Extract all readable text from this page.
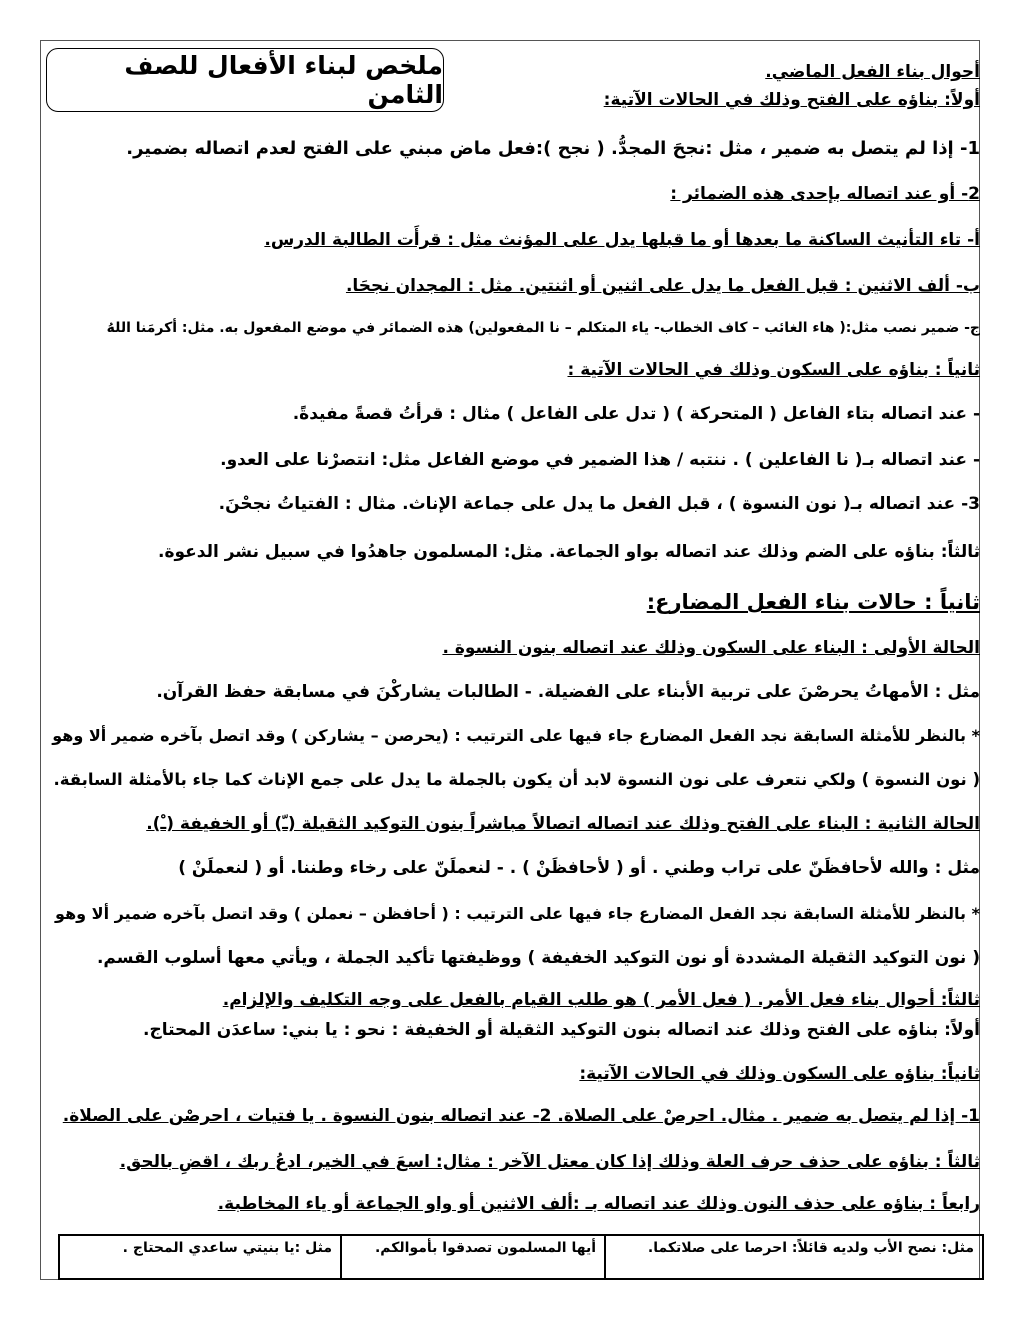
ملخص لبناء الأفعال للصف الثامن
أحوال بناء الفعل الماضي.
أولاً: بناؤه على الفتح وذلك في الحالات الآتية:
1- إذا لم يتصل به ضمير ، مثل :نجحَ المجدُّ. ( نجح ):فعل ماض مبني على الفتح لعدم اتصاله بضمير.
2- أو عند اتصاله بإحدى هذه الضمائر :
أ- تاء التأنيث الساكنة ما بعدها أو ما قبلها يدل على المؤنث مثل : قرأَت الطالبة الدرس.
ب- ألف الاثنين : قبل الفعل ما يدل على اثنين أو اثنتين. مثل : المجدان نجحَا.
ج- ضمير نصب مثل:( هاء الغائب – كاف الخطاب- ياء المتكلم – نا المفعولين) هذه الضمائر في موضع المفعول به. مثل: أكرمَنا اللهُ
ثانياً : بناؤه على السكون وذلك في الحالات الآتية :
- عند اتصاله بتاء الفاعل ( المتحركة ) ( تدل على الفاعل ) مثال : قرأتُ قصةً مفيدةً.
- عند اتصاله بـ( نا الفاعلين ) . ننتبه / هذا الضمير في موضع الفاعل مثل: انتصرْنا على العدو.
3- عند اتصاله بـ( نون النسوة ) ، قبل الفعل ما يدل على جماعة الإناث. مثال : الفتياتُ نجحْنَ.
ثالثاً: بناؤه على الضم وذلك عند اتصاله بواو الجماعة. مثل: المسلمون جاهدُوا في سبيل نشر الدعوة.
ثانياً : حالات بناء الفعل المضارع:
الحالة الأولى : البناء على السكون وذلك عند اتصاله بنون النسوة .
مثل : الأمهاتُ يحرصْنَ على تربية الأبناء على الفضيلة. - الطالبات يشاركْنَ في مسابقة حفظ القرآن.
* بالنظر للأمثلة السابقة نجد الفعل المضارع جاء فيها على الترتيب : (يحرصن – يشاركن ) وقد اتصل بآخره ضمير ألا وهو
( نون النسوة ) ولكي نتعرف على نون النسوة لابد أن يكون بالجملة ما يدل على جمع الإناث كما جاء بالأمثلة السابقة.
الحالة الثانية : البناء على الفتح وذلك عند اتصاله اتصالاً مباشراً بنون التوكيد الثقيلة (ـّ) أو الخفيفة (ـْ).
مثل : والله لأحافظَنّ على تراب وطني . أو ( لأحافظَنْ ) . - لنعملَنّ على رخاء وطننا. أو ( لنعملَنْ )
* بالنظر للأمثلة السابقة نجد الفعل المضارع جاء فيها على الترتيب : ( أحافظن – نعملن ) وقد اتصل بآخره ضمير ألا وهو
( نون التوكيد الثقيلة المشددة أو نون التوكيد الخفيفة ) ووظيفتها تأكيد الجملة ، ويأتي معها أسلوب القسم.
ثالثاً: أحوال بناء فعل الأمر. ( فعل الأمر ) هو طلب القيام بالفعل على وجه التكليف والإلزام.
أولاً: بناؤه على الفتح وذلك عند اتصاله بنون التوكيد الثقيلة أو الخفيفة : نحو : يا بني: ساعدَن المحتاج.
ثانياً: بناؤه على السكون وذلك في الحالات الآتية:
1- إذا لم يتصل به ضمير . مثال. احرصْ على الصلاة. 2- عند اتصاله بنون النسوة . يا فتيات ، احرصْن على الصلاة.
ثالثاً : بناؤه على حذف حرف العلة وذلك إذا كان معتل الآخر : مثال: اسعَ في الخير، ادعُ ربك ، اقضِ بالحق.
رابعاً : بناؤه على حذف النون وذلك عند اتصاله بـ :ألف الاثنين أو واو الجماعة أو ياء المخاطبة.
مثل: نصح الأب ولديه قائلاً: احرصا على صلاتكما.
أيها المسلمون تصدقوا بأموالكم.
مثل :يا بنيتي ساعدي المحتاج .
